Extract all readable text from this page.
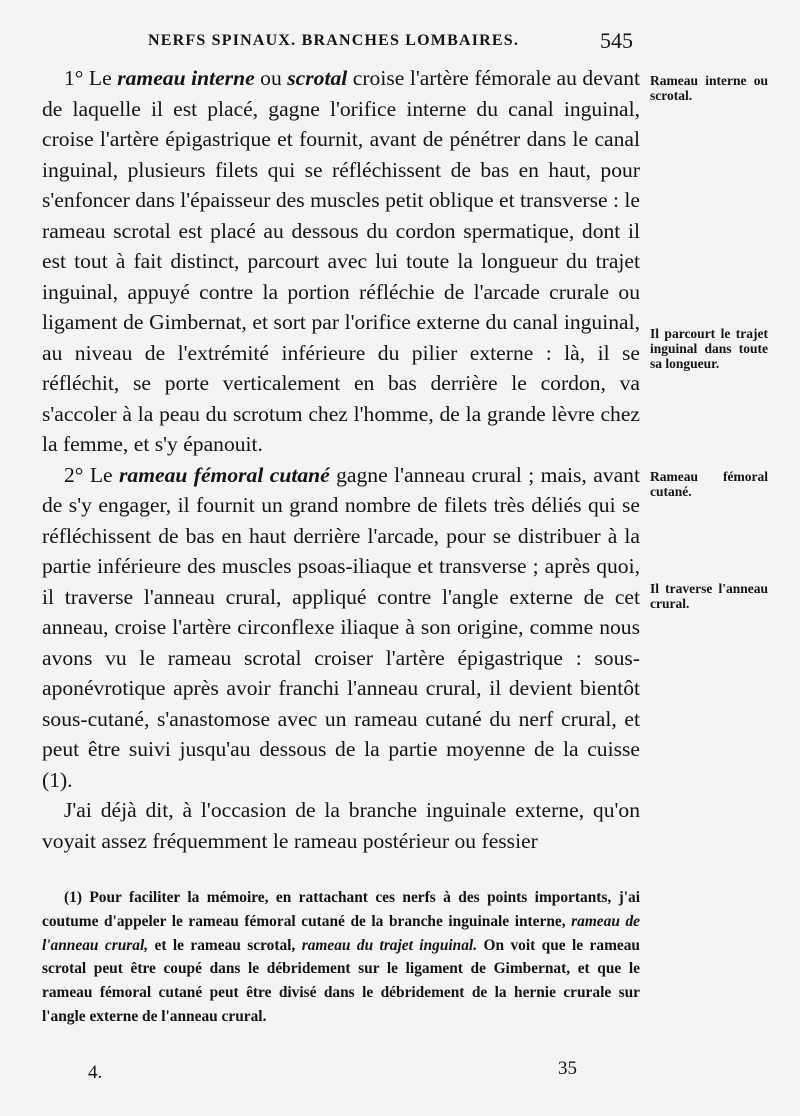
NERFS SPINAUX. BRANCHES LOMBAIRES.	545

1° Le rameau interne ou scrotal croise l'artère fémorale au devant de laquelle il est placé, gagne l'orifice interne du canal inguinal, croise l'artère épigastrique et fournit, avant de pénétrer dans le canal inguinal, plusieurs filets qui se réfléchissent de bas en haut, pour s'enfoncer dans l'épaisseur des muscles petit oblique et transverse : le rameau scrotal est placé au dessous du cordon spermatique, dont il est tout à fait distinct, parcourt avec lui toute la longueur du trajet inguinal, appuyé contre la portion réfléchie de l'arcade crurale ou ligament de Gimbernat, et sort par l'orifice externe du canal inguinal, au niveau de l'extrémité inférieure du pilier externe : là, il se réfléchit, se porte verticalement en bas derrière le cordon, va s'accoler à la peau du scrotum chez l'homme, de la grande lèvre chez la femme, et s'y épanouit.

2° Le rameau fémoral cutané gagne l'anneau crural ; mais, avant de s'y engager, il fournit un grand nombre de filets très déliés qui se réfléchissent de bas en haut derrière l'arcade, pour se distribuer à la partie inférieure des muscles psoas-iliaque et transverse ; après quoi, il traverse l'anneau crural, appliqué contre l'angle externe de cet anneau, croise l'artère circonflexe iliaque à son origine, comme nous avons vu le rameau scrotal croiser l'artère épigastrique : sous-aponévrotique après avoir franchi l'anneau crural, il devient bientôt sous-cutané, s'anastomose avec un rameau cutané du nerf crural, et peut être suivi jusqu'au dessous de la partie moyenne de la cuisse (1).

J'ai déjà dit, à l'occasion de la branche inguinale externe, qu'on voyait assez fréquemment le rameau postérieur ou fessier

Rameau interne ou scrotal.
Il parcourt le trajet inguinal dans toute sa longueur.
Rameau fémoral cutané.
Il traverse l'anneau crural.

(1) Pour faciliter la mémoire, en rattachant ces nerfs à des points importants, j'ai coutume d'appeler le rameau fémoral cutané de la branche inguinale interne, rameau de l'anneau crural, et le rameau scrotal, rameau du trajet inguinal. On voit que le rameau scrotal peut être coupé dans le débridement sur le ligament de Gimbernat, et que le rameau fémoral cutané peut être divisé dans le débridement de la hernie crurale sur l'angle externe de l'anneau crural.

4.	35
